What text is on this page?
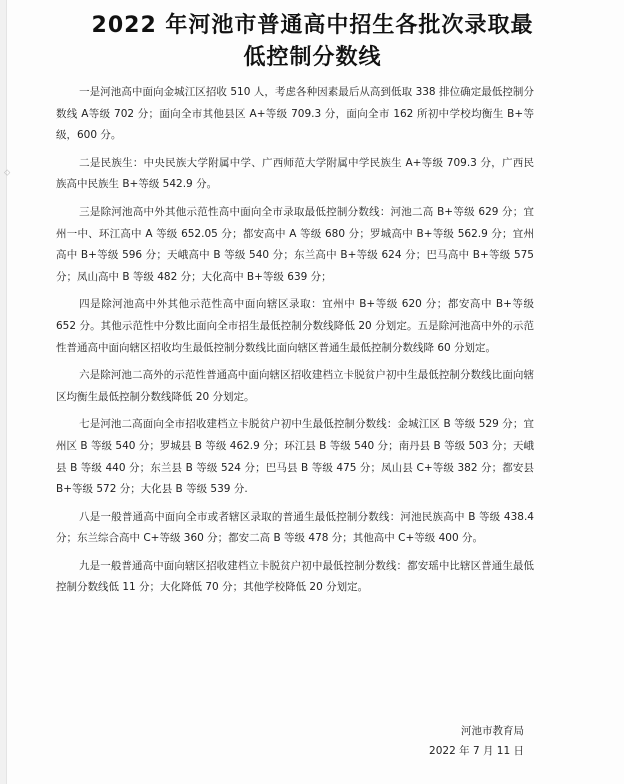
⬦
2022 年河池市普通高中招生各批次录取最
低控制分数线

一是河池高中面向金城江区招收 510 人，考虑各种因素最后从高到低取 338 排位确定最低控制分数线 A等级 702 分；面向全市其他县区 A+等级 709.3 分，面向全市 162 所初中学校均衡生 B+等级，600 分。

二是民族生：中央民族大学附属中学、广西师范大学附属中学民族生 A+等级 709.3 分，广西民族高中民族生 B+等级 542.9 分。

三是除河池高中外其他示范性高中面向全市录取最低控制分数线：河池二高 B+等级 629 分；宜州一中、环江高中 A 等级 652.05 分；都安高中 A 等级 680 分；罗城高中 B+等级 562.9 分；宜州高中 B+等级 596 分；天峨高中 B 等级 540 分；东兰高中 B+等级 624 分；巴马高中 B+等级 575 分；凤山高中 B 等级 482 分；大化高中 B+等级 639 分；

四是除河池高中外其他示范性高中面向辖区录取：宜州中 B+等级 620 分；都安高中 B+等级 652 分。其他示范性中分数比面向全市招生最低控制分数线降低 20 分划定。五是除河池高中外的示范性普通高中面向辖区招收均生最低控制分数线比面向辖区普通生最低控制分数线降 60 分划定。

六是除河池二高外的示范性普通高中面向辖区招收建档立卡脱贫户初中生最低控制分数线比面向辖区均衡生最低控制分数线降低 20 分划定。

七是河池二高面向全市招收建档立卡脱贫户初中生最低控制分数线：金城江区 B 等级 529 分；宜州区 B 等级 540 分；罗城县 B 等级 462.9 分；环江县 B 等级 540 分；南丹县 B 等级 503 分；天峨县 B 等级 440 分；东兰县 B 等级 524 分；巴马县 B 等级 475 分；凤山县 C+等级 382 分；都安县 B+等级 572 分；大化县 B 等级 539 分.

八是一般普通高中面向全市或者辖区录取的普通生最低控制分数线：河池民族高中 B 等级 438.4 分；东兰综合高中 C+等级 360 分；都安二高 B 等级 478 分；其他高中 C+等级 400 分。

九是一般普通高中面向辖区招收建档立卡脱贫户初中最低控制分数线：都安瑶中比辖区普通生最低控制分数线低 11 分；大化降低 70 分；其他学校降低 20 分划定。

河池市教育局
2022 年 7 月 11 日
